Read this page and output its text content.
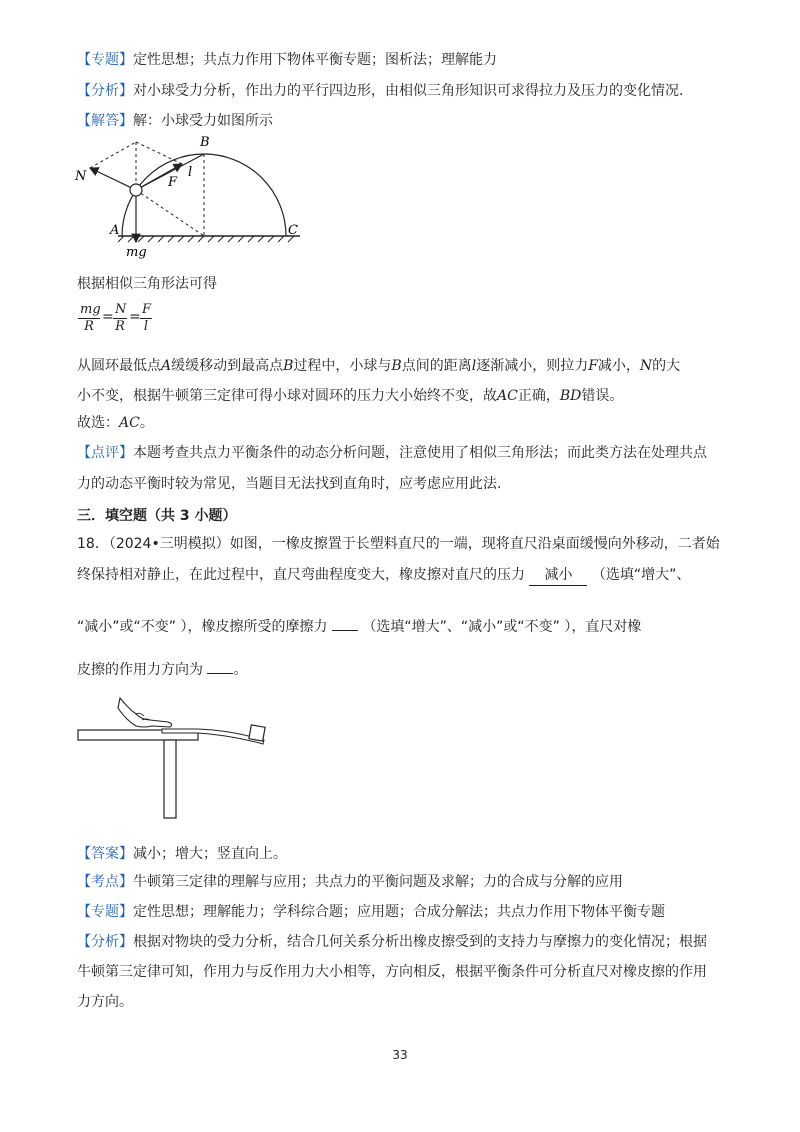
【专题】定性思想；共点力作用下物体平衡专题；图析法；理解能力
【分析】对小球受力分析，作出力的平行四边形，由相似三角形知识可求得拉力及压力的变化情况.
【解答】解：小球受力如图所示
B
l
N	F
A	C
mg
根据相似三角形法可得
$\frac{mg}{R} = \frac{N}{R} = \frac{F}{l}$
从圆环最低点A缓缓移动到最高点B过程中，小球与B点间的距离l逐渐减小，则拉力F减小，N的大
小不变，根据牛顿第三定律可得小球对圆环的压力大小始终不变，故AC正确，BD错误。
故选：AC。
【点评】本题考查共点力平衡条件的动态分析问题，注意使用了相似三角形法；而此类方法在处理共点
力的动态平衡时较为常见，当题目无法找到直角时，应考虑应用此法.
三．填空题（共 3 小题）
18．（2024•三明模拟）如图，一橡皮擦置于长塑料直尺的一端，现将直尺沿桌面缓慢向外移动，二者始
终保持相对静止，在此过程中，直尺弯曲程度变大，橡皮擦对直尺的压力 减小 （选填“增大”、
“减小”或“不变” ），橡皮擦所受的摩擦力 （选填“增大”、“减小”或“不变” ），直尺对橡
皮擦的作用力方向为 。
【答案】减小；增大；竖直向上。
【考点】牛顿第三定律的理解与应用；共点力的平衡问题及求解；力的合成与分解的应用
【专题】定性思想；理解能力；学科综合题；应用题；合成分解法；共点力作用下物体平衡专题
【分析】根据对物块的受力分析，结合几何关系分析出橡皮擦受到的支持力与摩擦力的变化情况；根据
牛顿第三定律可知，作用力与反作用力大小相等，方向相反，根据平衡条件可分析直尺对橡皮擦的作用
力方向。
33
